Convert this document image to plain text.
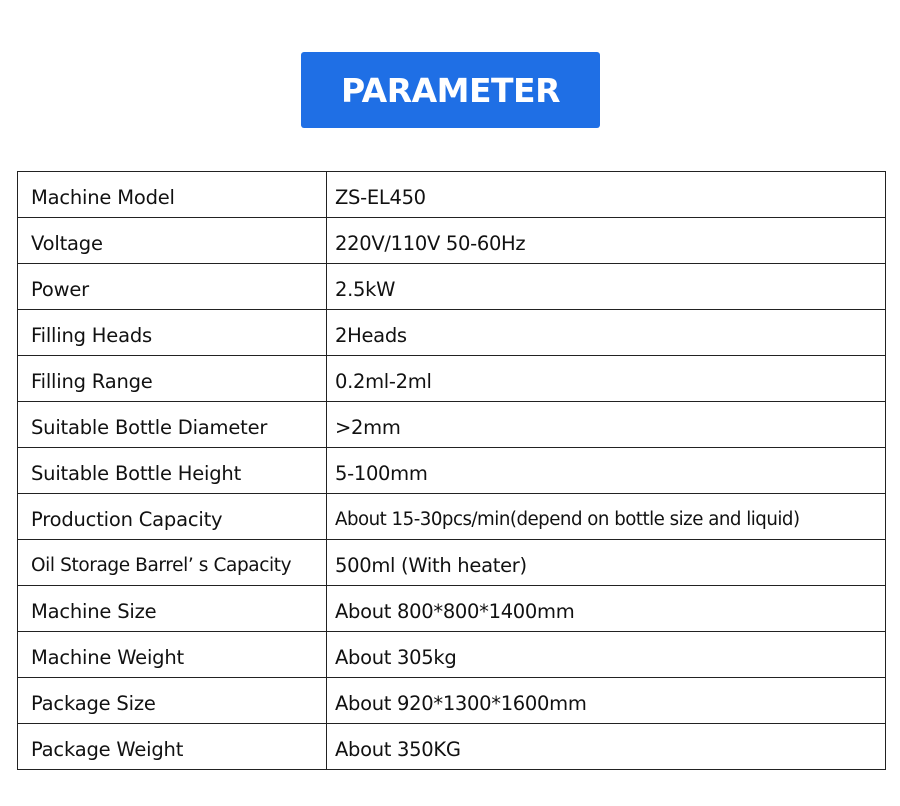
PARAMETER
Machine Model	ZS-EL450
Voltage	220V/110V 50-60Hz
Power	2.5kW
Filling Heads	2Heads
Filling Range	0.2ml-2ml
Suitable Bottle Diameter	>2mm
Suitable Bottle Height	5-100mm
Production Capacity	About 15-30pcs/min(depend on bottle size and liquid)
Oil Storage Barrel’ s Capacity	500ml (With heater)
Machine Size	About 800*800*1400mm
Machine Weight	About 305kg
Package Size	About 920*1300*1600mm
Package Weight	About 350KG
